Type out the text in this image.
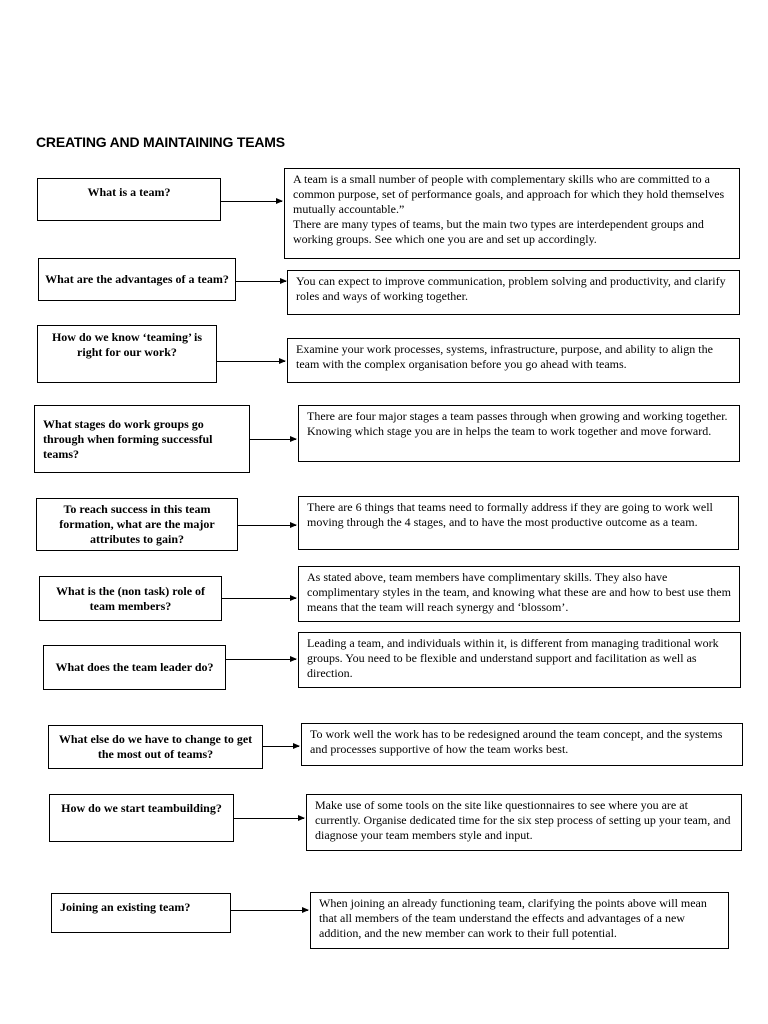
CREATING AND MAINTAINING TEAMS
What is a team?
A team is a small number of people with complementary skills who are committed to a common purpose, set of performance goals, and approach for which they hold themselves mutually accountable.”
There are many types of teams, but the main two types are interdependent groups and working groups. See which one you are and set up accordingly.
What are the advantages of a team?	You can expect to improve communication, problem solving and productivity, and clarify roles and ways of working together.
How do we know ‘teaming’ is right for our work?	Examine your work processes, systems, infrastructure, purpose, and ability to align the team with the complex organisation before you go ahead with teams.
What stages do work groups go through when forming successful teams?
There are four major stages a team passes through when growing and working together. Knowing which stage you are in helps the team to work together and move forward.
To reach success in this team formation, what are the major attributes to gain?
There are 6 things that teams need to formally address if they are going to work well moving through the 4 stages, and to have the most productive outcome as a team.
What is the (non task) role of team members?
As stated above, team members have complimentary skills. They also have complimentary styles in the team, and knowing what these are and how to best use them means that the team will reach synergy and ‘blossom’.
What does the team leader do?
Leading a team, and individuals within it, is different from managing traditional work groups. You need to be flexible and understand support and facilitation as well as direction.
What else do we have to change to get the most out of teams?
To work well the work has to be redesigned around the team concept, and the systems and processes supportive of how the team works best.
How do we start teambuilding?	Make use of some tools on the site like questionnaires to see where you are at currently. Organise dedicated time for the six step process of setting up your team, and diagnose your team members style and input.
Joining an existing team?	When joining an already functioning team, clarifying the points above will mean that all members of the team understand the effects and advantages of a new addition, and the new member can work to their full potential.
